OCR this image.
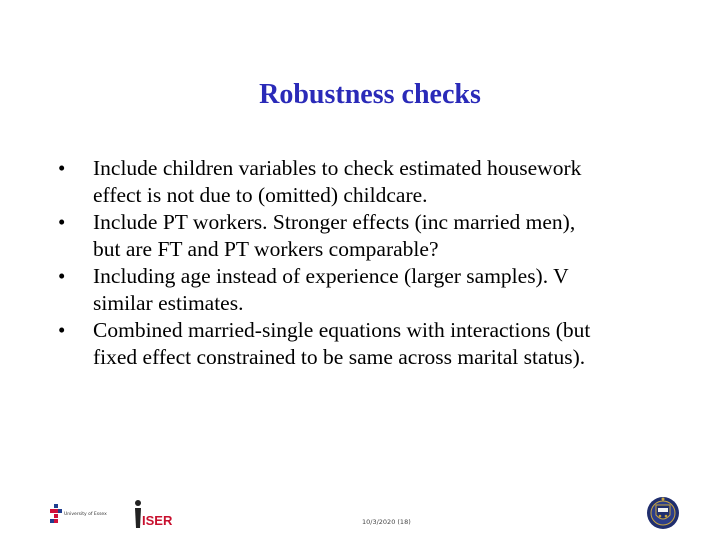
Robustness checks
• Include children variables to check estimated housework
effect is not due to (omitted) childcare.
• Include PT workers. Stronger effects (inc married men),
but are FT and PT workers comparable?
• Including age instead of experience (larger samples). V
similar estimates.
• Combined married-single equations with interactions (but
fixed effect constrained to be same across marital status).
University of Essex	ISER	10/3/2020 (18)
